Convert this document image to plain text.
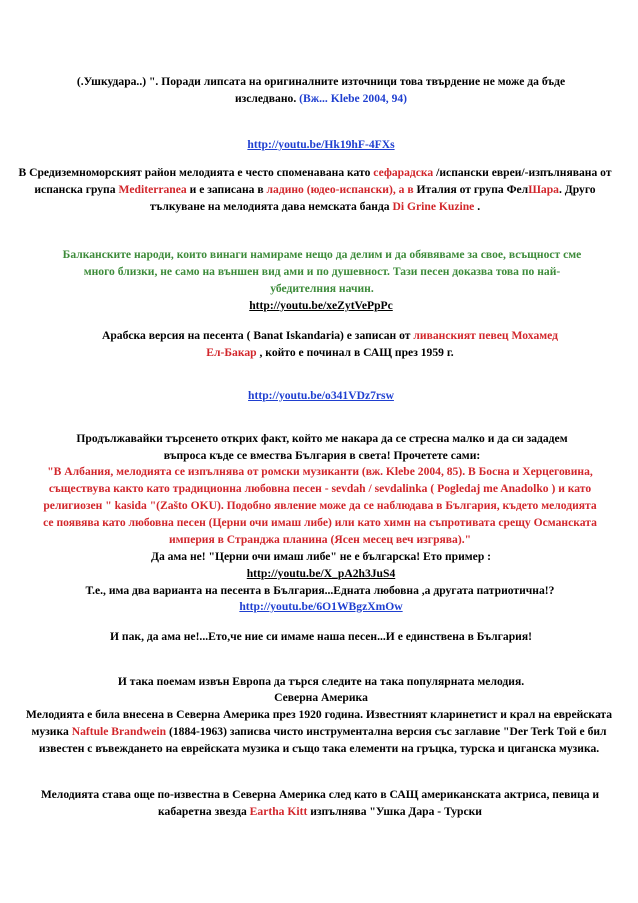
(.Ушкудара..) ". Поради липсата на оригиналните източници това твърдение не може да бъде изследвано. (Вж... Klebe 2004, 94)
http://youtu.be/Hk19hF-4FXs
В Средиземноморският район мелодията е често споменавана като сефарадска /испански евреи/-изпълнявана от испанска група Mediterranea и е записана в ладино (юдео-испански), а в Италия от група ФелШара. Друго тълкуване на мелодията дава немската банда Di Grine Kuzine .
Балканските народи, които винаги намираме нещо да делим и да обявяваме за свое, всъщност сме много близки, не само на външен вид ами и по душевност. Тази песен доказва това по най-убедителния начин.
http://youtu.be/xeZytVePpPc
Арабска версия на песента ( Banat Iskandaria) е записан от ливанският певец Мохамед Ел-Бакар , който е починал в САЩ през 1959 г.
http://youtu.be/o341VDz7rsw
Продължавайки търсенето открих факт, който ме накара да се стресна малко и да си зададем въпроса къде се вмества България в света! Прочетете сами:
"В Албания, мелодията се изпълнява от ромски музиканти (вж. Klebe 2004, 85). В Босна и Херцеговина, съществува както като традиционна любовна песен - sevdah / sevdalinka ( Pogledaj me Anadolko ) и като религиозен " kasida "(Zašto OKU). Подобно явление може да се наблюдава в България, където мелодията се появява като любовна песен (Церни очи имаш либе) или като химн на съпротивата срещу Османската империя в Странджа планина (Ясен месец веч изгрява)."
Да ама не! "Церни очи имаш либе" не е българска! Ето пример :
http://youtu.be/X_pA2h3JuS4
Т.е., има два варианта на песента в България...Едната любовна ,а другата патриотична!?
http://youtu.be/6O1WBgzXmOw
И пак, да ама не!...Ето,че ние си имаме наша песен...И е единствена в България!
И така поемам извън Европа да търся следите на така популярната мелодия.
Северна Америка
Мелодията е била внесена в Северна Америка през 1920 година. Известният кларинетист и крал на еврейската музика Naftule Brandwein (1884-1963) записва чисто инструментална версия със заглавие "Der Terk Той е бил известен с въвеждането на еврейската музика и също така елементи на гръцка, турска и циганска музика.
Мелодията става още по-известна в Северна Америка след като в САЩ американската актриса, певица и кабаретна звезда Eartha Kitt изпълнява "Ушка Дара - Турски
